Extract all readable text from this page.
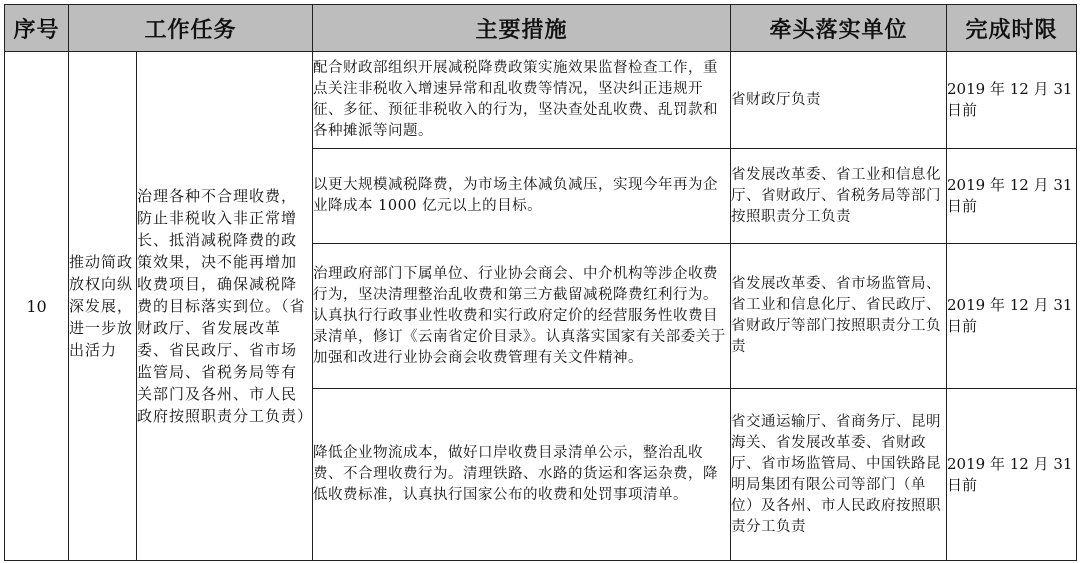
序号	工作任务		主要措施	牵头落实单位	完成时限
10	推动简政放权向纵深发展，进一步放出活力	治理各种不合理收费，防止非税收入非正常增长、抵消减税降费的政策效果，决不能再增加收费项目，确保减税降费的目标落实到位。（省财政厅、省发展改革委、省民政厅、省市场监管局、省税务局等有关部门及各州、市人民政府按照职责分工负责）	配合财政部组织开展减税降费政策实施效果监督检查工作，重点关注非税收入增速异常和乱收费等情况，坚决纠正违规开征、多征、预征非税收入的行为，坚决查处乱收费、乱罚款和各种摊派等问题。	省财政厅负责	2019 年 12 月 31 日前
			以更大规模减税降费，为市场主体减负减压，实现今年再为企业降成本 1000 亿元以上的目标。	省发展改革委、省工业和信息化厅、省财政厅、省税务局等部门按照职责分工负责	2019 年 12 月 31 日前
			治理政府部门下属单位、行业协会商会、中介机构等涉企收费行为，坚决清理整治乱收费和第三方截留减税降费红利行为。认真执行行政事业性收费和实行政府定价的经营服务性收费目录清单，修订《云南省定价目录》。认真落实国家有关部委关于加强和改进行业协会商会收费管理有关文件精神。	省发展改革委、省市场监管局、省工业和信息化厅、省民政厅、省财政厅等部门按照职责分工负责	2019 年 12 月 31 日前
			降低企业物流成本，做好口岸收费目录清单公示，整治乱收费、不合理收费行为。清理铁路、水路的货运和客运杂费，降低收费标准，认真执行国家公布的收费和处罚事项清单。	省交通运输厅、省商务厅、昆明海关、省发展改革委、省财政厅、省市场监管局、中国铁路昆明局集团有限公司等部门（单位）及各州、市人民政府按照职责分工负责	2019 年 12 月 31 日前
